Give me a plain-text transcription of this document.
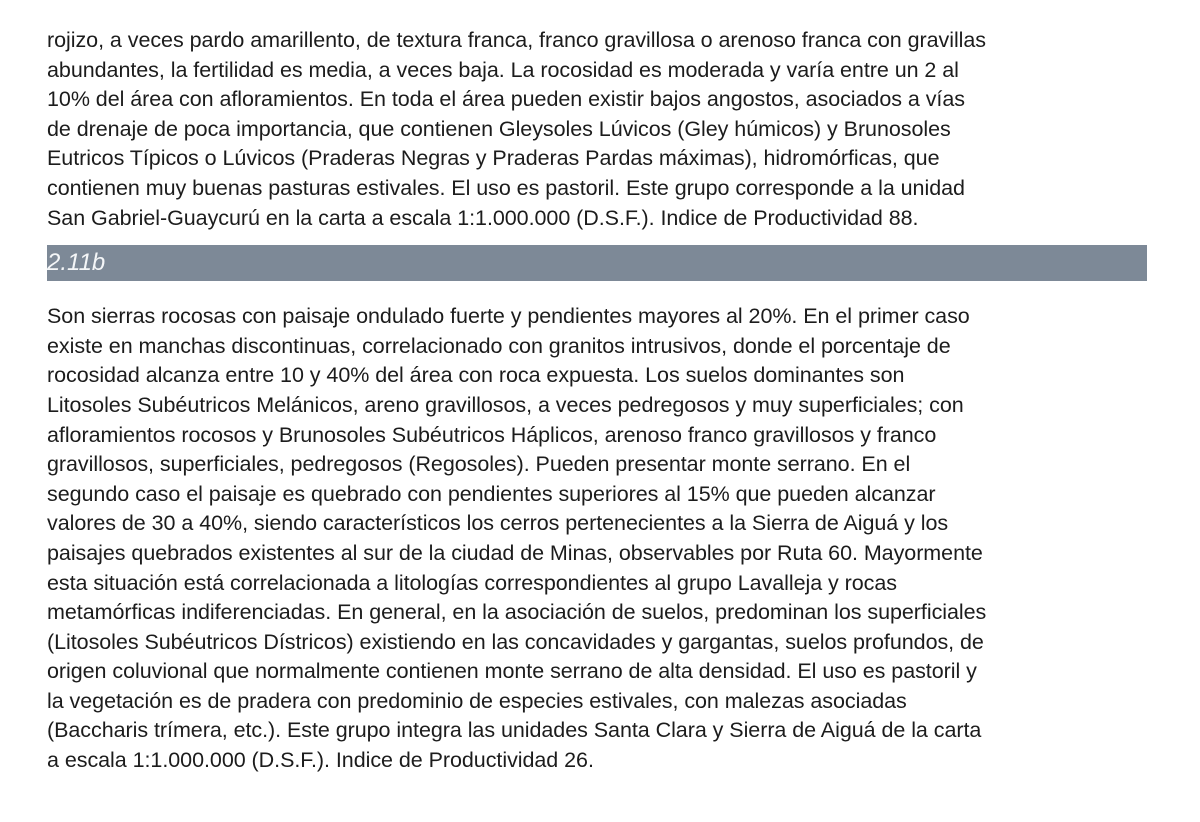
rojizo, a veces pardo amarillento, de textura franca, franco gravillosa o arenoso franca con gravillas
abundantes, la fertilidad es media, a veces baja. La rocosidad es moderada y varía entre un 2 al
10% del área con afloramientos. En toda el área pueden existir bajos angostos, asociados a vías
de drenaje de poca importancia, que contienen Gleysoles Lúvicos (Gley húmicos) y Brunosoles
Eutricos Típicos o Lúvicos (Praderas Negras y Praderas Pardas máximas), hidromórficas, que
contienen muy buenas pasturas estivales. El uso es pastoril. Este grupo corresponde a la unidad
San Gabriel-Guaycurú en la carta a escala 1:1.000.000 (D.S.F.). Indice de Productividad 88.
2.11b
Son sierras rocosas con paisaje ondulado fuerte y pendientes mayores al 20%. En el primer caso
existe en manchas discontinuas, correlacionado con granitos intrusivos, donde el porcentaje de
rocosidad alcanza entre 10 y 40% del área con roca expuesta. Los suelos dominantes son
Litosoles Subéutricos Melánicos, areno gravillosos, a veces pedregosos y muy superficiales; con
afloramientos rocosos y Brunosoles Subéutricos Háplicos, arenoso franco gravillosos y franco
gravillosos, superficiales, pedregosos (Regosoles). Pueden presentar monte serrano. En el
segundo caso el paisaje es quebrado con pendientes superiores al 15% que pueden alcanzar
valores de 30 a 40%, siendo característicos los cerros pertenecientes a la Sierra de Aiguá y los
paisajes quebrados existentes al sur de la ciudad de Minas, observables por Ruta 60. Mayormente
esta situación está correlacionada a litologías correspondientes al grupo Lavalleja y rocas
metamórficas indiferenciadas. En general, en la asociación de suelos, predominan los superficiales
(Litosoles Subéutricos Dístricos) existiendo en las concavidades y gargantas, suelos profundos, de
origen coluvional que normalmente contienen monte serrano de alta densidad. El uso es pastoril y
la vegetación es de pradera con predominio de especies estivales, con malezas asociadas
(Baccharis trímera, etc.). Este grupo integra las unidades Santa Clara y Sierra de Aiguá de la carta
a escala 1:1.000.000 (D.S.F.). Indice de Productividad 26.
